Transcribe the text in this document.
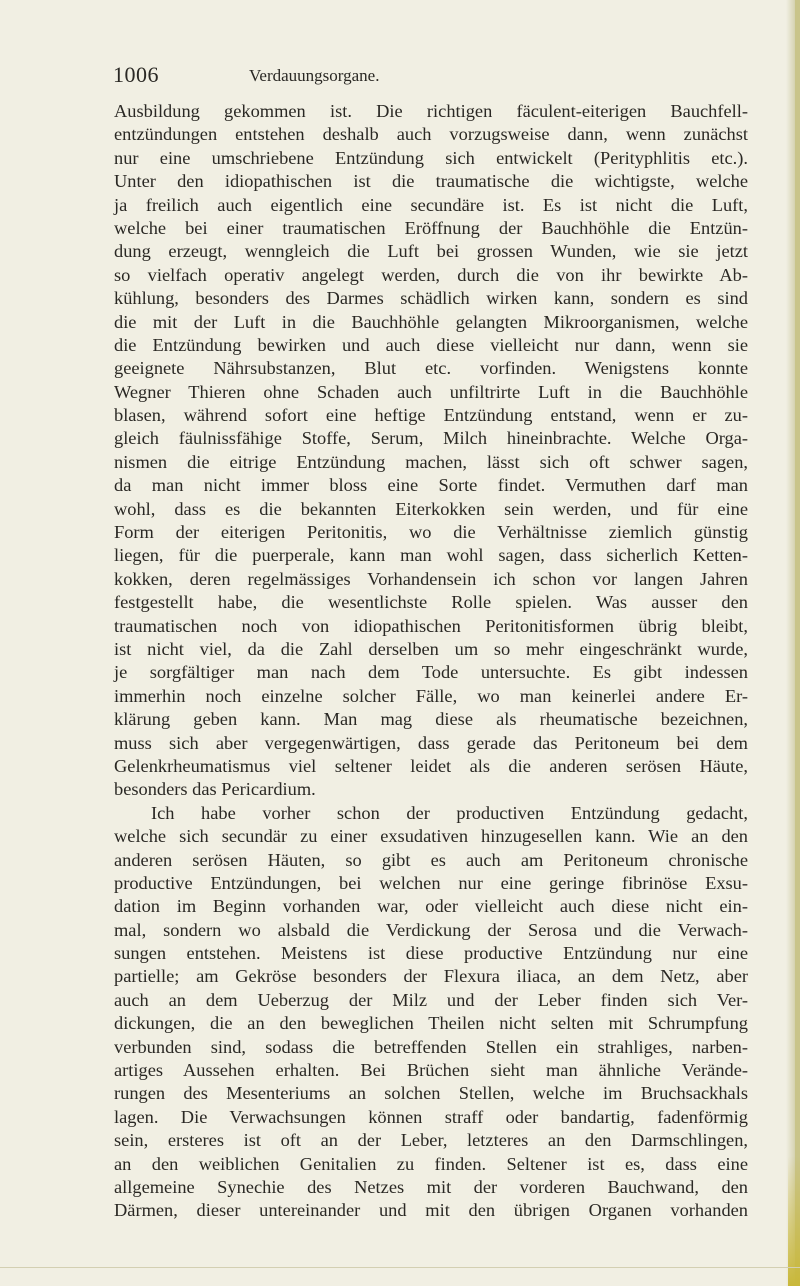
1006	Verdauungsorgane.
Ausbildung gekommen ist. Die richtigen fäculent-eiterigen Bauchfell-
entzündungen entstehen deshalb auch vorzugsweise dann, wenn zunächst
nur eine umschriebene Entzündung sich entwickelt (Perityphlitis etc.).
Unter den idiopathischen ist die traumatische die wichtigste, welche
ja freilich auch eigentlich eine secundäre ist. Es ist nicht die Luft,
welche bei einer traumatischen Eröffnung der Bauchhöhle die Entzün-
dung erzeugt, wenngleich die Luft bei grossen Wunden, wie sie jetzt
so vielfach operativ angelegt werden, durch die von ihr bewirkte Ab-
kühlung, besonders des Darmes schädlich wirken kann, sondern es sind
die mit der Luft in die Bauchhöhle gelangten Mikroorganismen, welche
die Entzündung bewirken und auch diese vielleicht nur dann, wenn sie
geeignete Nährsubstanzen, Blut etc. vorfinden. Wenigstens konnte
Wegner Thieren ohne Schaden auch unfiltrirte Luft in die Bauchhöhle
blasen, während sofort eine heftige Entzündung entstand, wenn er zu-
gleich fäulnissfähige Stoffe, Serum, Milch hineinbrachte. Welche Orga-
nismen die eitrige Entzündung machen, lässt sich oft schwer sagen,
da man nicht immer bloss eine Sorte findet. Vermuthen darf man
wohl, dass es die bekannten Eiterkokken sein werden, und für eine
Form der eiterigen Peritonitis, wo die Verhältnisse ziemlich günstig
liegen, für die puerperale, kann man wohl sagen, dass sicherlich Ketten-
kokken, deren regelmässiges Vorhandensein ich schon vor langen Jahren
festgestellt habe, die wesentlichste Rolle spielen. Was ausser den
traumatischen noch von idiopathischen Peritonitisformen übrig bleibt,
ist nicht viel, da die Zahl derselben um so mehr eingeschränkt wurde,
je sorgfältiger man nach dem Tode untersuchte. Es gibt indessen
immerhin noch einzelne solcher Fälle, wo man keinerlei andere Er-
klärung geben kann. Man mag diese als rheumatische bezeichnen,
muss sich aber vergegenwärtigen, dass gerade das Peritoneum bei dem
Gelenkrheumatismus viel seltener leidet als die anderen serösen Häute,
besonders das Pericardium.
Ich habe vorher schon der productiven Entzündung gedacht,
welche sich secundär zu einer exsudativen hinzugesellen kann. Wie an den
anderen serösen Häuten, so gibt es auch am Peritoneum chronische
productive Entzündungen, bei welchen nur eine geringe fibrinöse Exsu-
dation im Beginn vorhanden war, oder vielleicht auch diese nicht ein-
mal, sondern wo alsbald die Verdickung der Serosa und die Verwach-
sungen entstehen. Meistens ist diese productive Entzündung nur eine
partielle; am Gekröse besonders der Flexura iliaca, an dem Netz, aber
auch an dem Ueberzug der Milz und der Leber finden sich Ver-
dickungen, die an den beweglichen Theilen nicht selten mit Schrumpfung
verbunden sind, sodass die betreffenden Stellen ein strahliges, narben-
artiges Aussehen erhalten. Bei Brüchen sieht man ähnliche Verände-
rungen des Mesenteriums an solchen Stellen, welche im Bruchsackhals
lagen. Die Verwachsungen können straff oder bandartig, fadenförmig
sein, ersteres ist oft an der Leber, letzteres an den Darmschlingen,
an den weiblichen Genitalien zu finden. Seltener ist es, dass eine
allgemeine Synechie des Netzes mit der vorderen Bauchwand, den
Därmen, dieser untereinander und mit den übrigen Organen vorhanden
